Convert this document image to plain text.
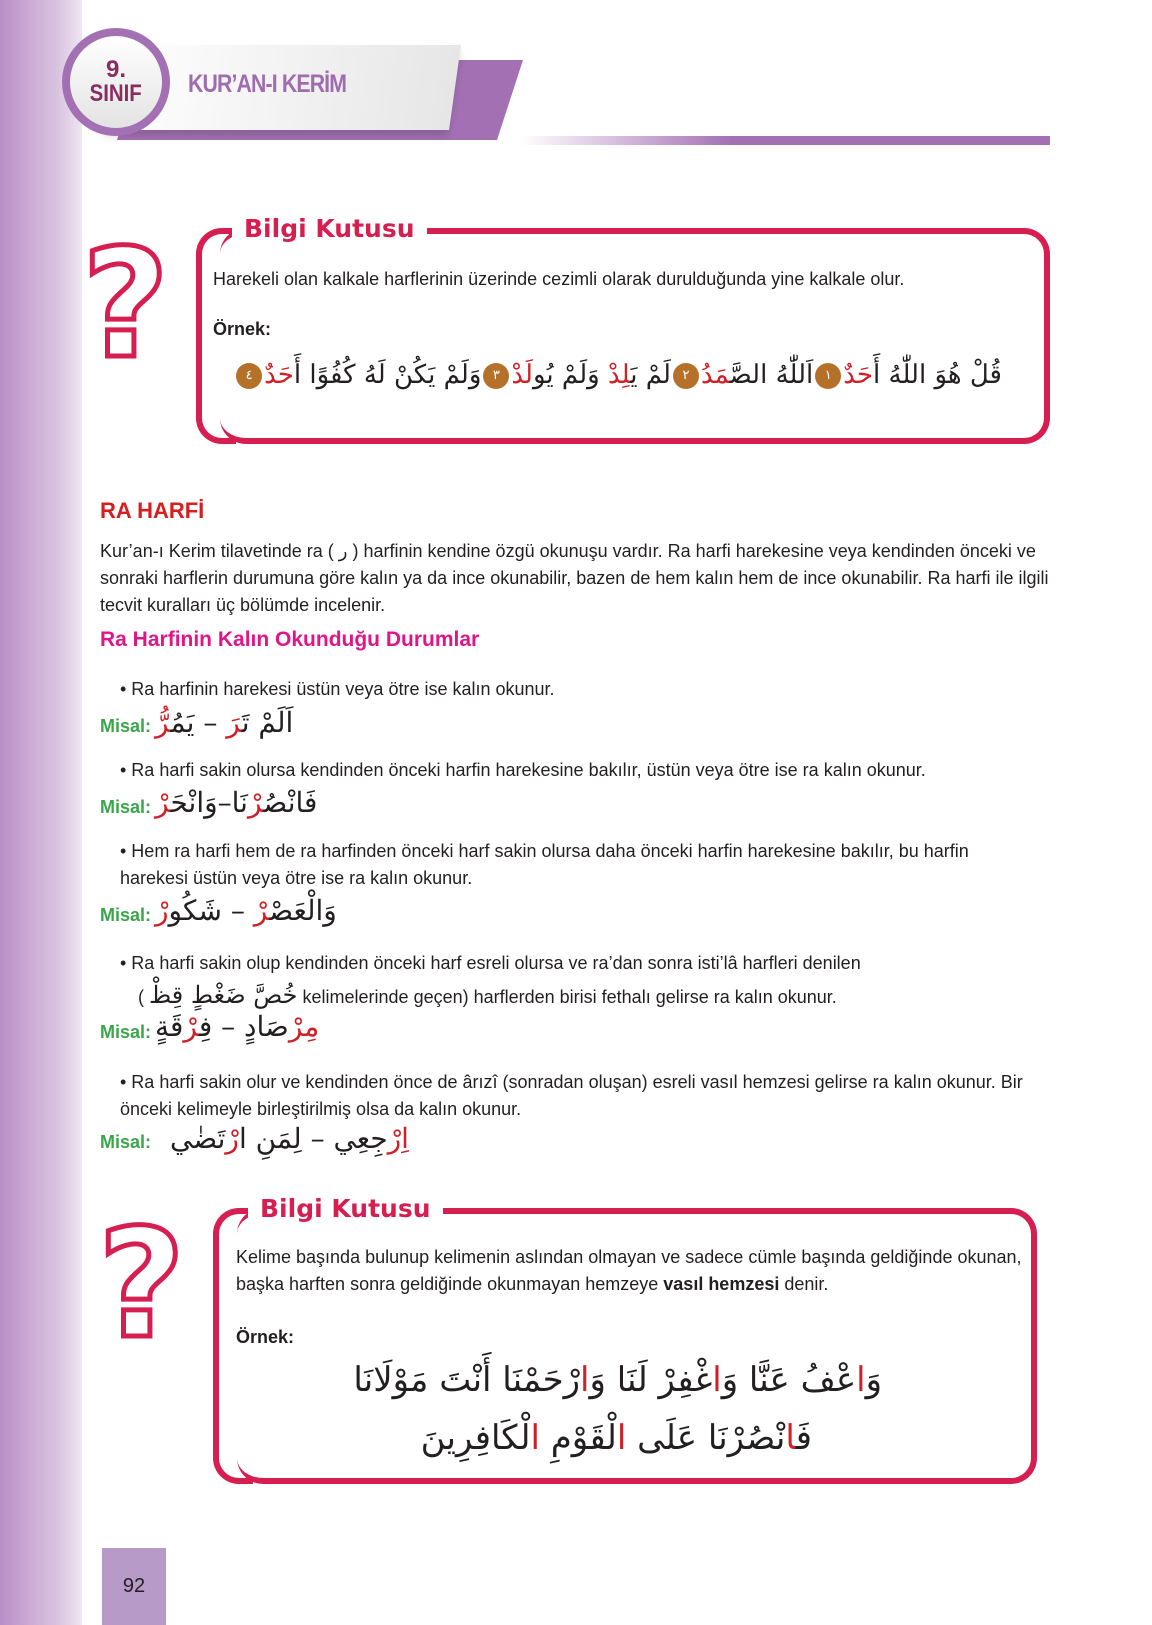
92
KUR’AN-I KERİM
9.
SINIF
Bilgi Kutusu
? Harekeli olan kalkale harflerinin üzerinde cezimli olarak durulduğunda yine kalkale olur.
Örnek:
قُلْ هُوَ اللّٰهُ أَحَدٌ١اَللّٰهُ الصَّمَدُ٢لَمْ يَلِدْ وَلَمْ يُولَدْ٣وَلَمْ يَكُنْ لَهُ كُفُوًا أَحَدٌ٤
RA HARFİ
Kur’an-ı Kerim tilavetinde ra ( ر ) harfinin kendine özgü okunuşu vardır. Ra harfi harekesine veya kendinden önceki ve sonraki harflerin durumuna göre kalın ya da ince okunabilir, bazen de hem kalın hem de ince okunabilir. Ra harfi ile ilgili tecvit kuralları üç bölümde incelenir.
Ra Harfinin Kalın Okunduğu Durumlar
• Ra harfinin harekesi üstün veya ötre ise kalın okunur.
Misal:	اَلَمْ تَرَ – يَمُرُّ
• Ra harfi sakin olursa kendinden önceki harfin harekesine bakılır, üstün veya ötre ise ra kalın okunur.
Misal:	فَانْصُرْنَا–وَانْحَرْ
• Hem ra harfi hem de ra harfinden önceki harf sakin olursa daha önceki harfin harekesine bakılır, bu harfin harekesi üstün veya ötre ise ra kalın okunur.
Misal:	وَالْعَصْرْ – شَكُورْ
• Ra harfi sakin olup kendinden önceki harf esreli olursa ve ra’dan sonra isti’lâ harfleri denilen
( خُصَّ ضَغْطٍ قِظْ kelimelerinde geçen) harflerden birisi fethalı gelirse ra kalın okunur.
Misal:	مِرْصَادٍ – فِرْقَةٍ
• Ra harfi sakin olur ve kendinden önce de ârızî (sonradan oluşan) esreli vasıl hemzesi gelirse ra kalın okunur. Bir önceki kelimeyle birleştirilmiş olsa da kalın okunur.
Misal:	اِرْجِعِي – لِمَنِ ارْتَضٰي
Bilgi Kutusu
?	Kelime başında bulunup kelimenin aslından olmayan ve sadece cümle başında geldiğinde okunan, başka harften sonra geldiğinde okunmayan hemzeye vasıl hemzesi denir.
Örnek:
وَاعْفُ عَنَّا وَاغْفِرْ لَنَا وَارْحَمْنَا أَنْتَ مَوْلَانَا
فَانْصُرْنَا عَلَى الْقَوْمِ الْكَافِرِينَ
